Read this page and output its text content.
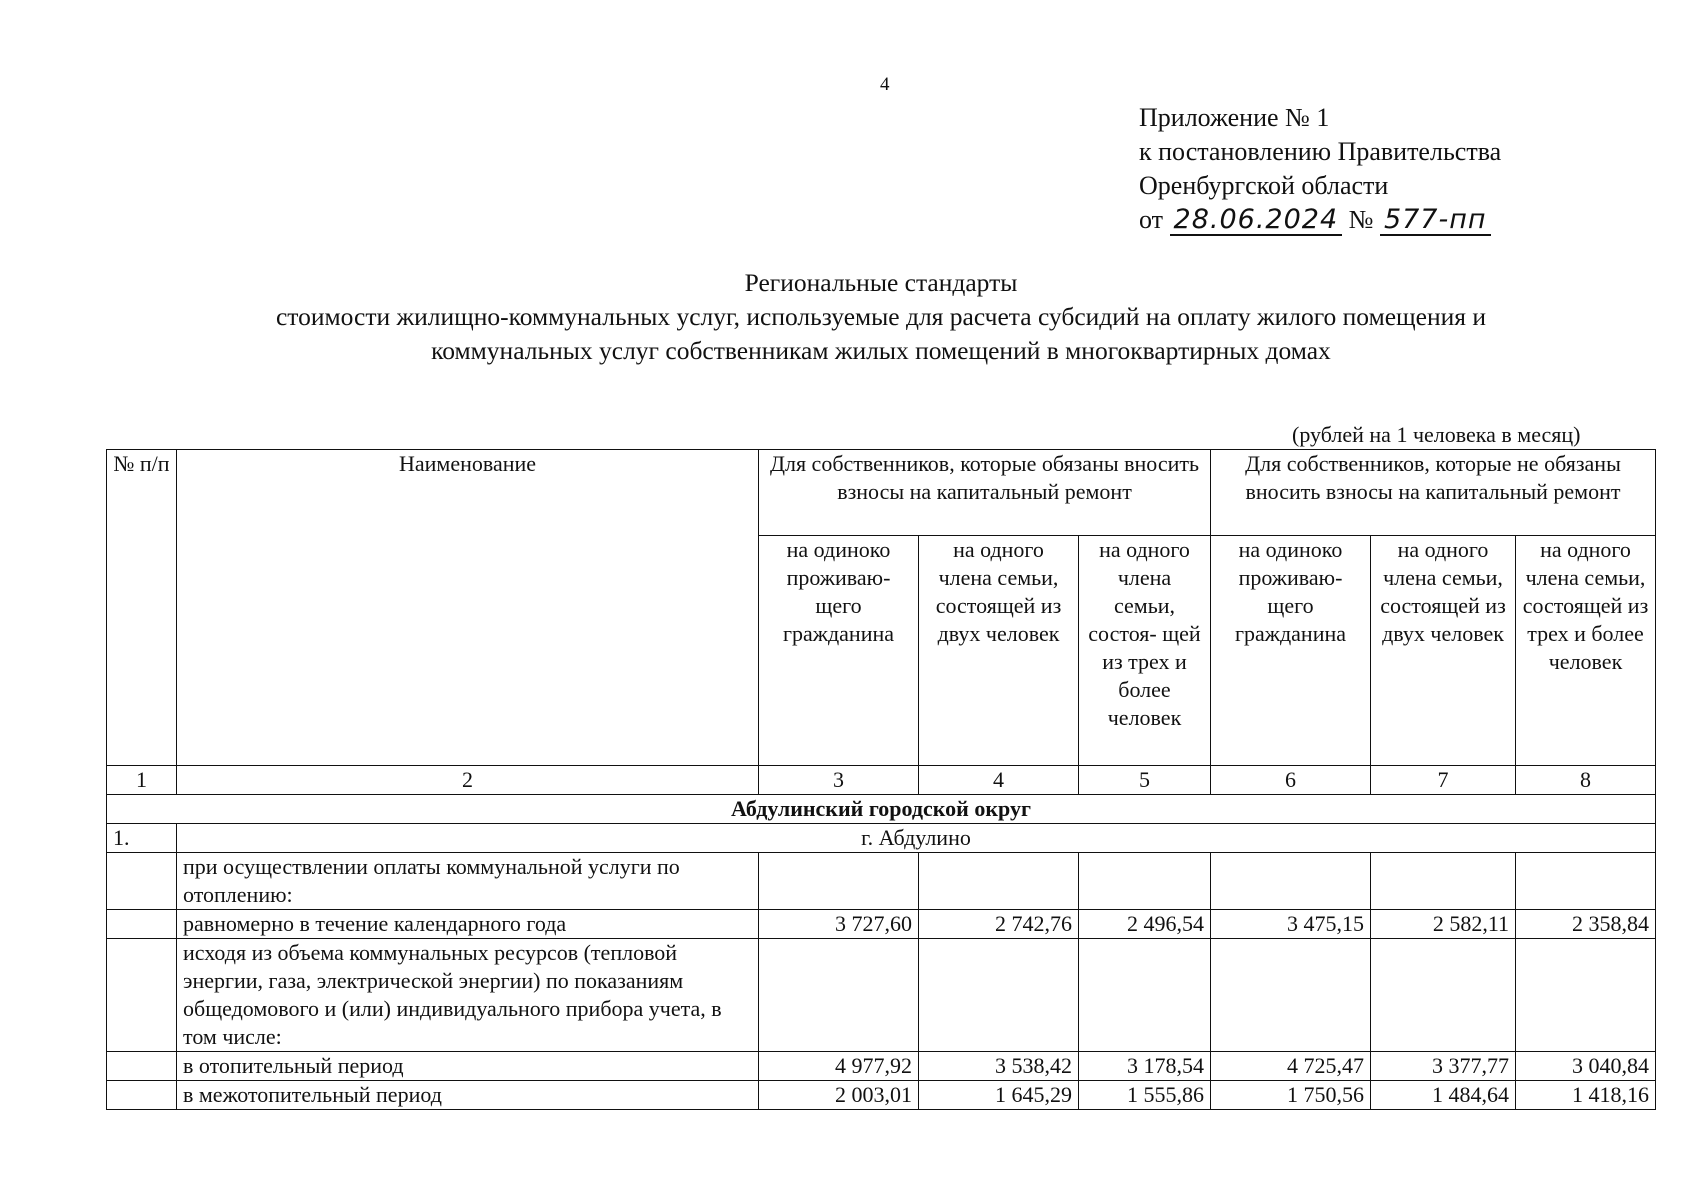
4
Приложение № 1
к постановлению Правительства
Оренбургской области
от 28.06.2024 № 577-пп
Региональные стандарты
стоимости жилищно-коммунальных услуг, используемые для расчета субсидий на оплату жилого помещения и
коммунальных услуг собственникам жилых помещений в многоквартирных домах
(рублей на 1 человека в месяц)
№ п/п	Наименование	Для собственников, которые обязаны вносить взносы на капитальный ремонт			Для собственников, которые не обязаны вносить взносы на капитальный ремонт		
		на одиноко проживаю- щего гражданина	на одного члена семьи, состоящей из двух человек	на одного члена семьи, состоя- щей из трех и более человек	на одиноко проживаю- щего гражданина	на одного члена семьи, состоящей из двух человек	на одного члена семьи, состоящей из трех и более человек
1	2	3	4	5	6	7	8
Абдулинский городской округ							
1.	г. Абдулино						
	при осуществлении оплаты коммунальной услуги по отоплению:						
	равномерно в течение календарного года	3 727,60	2 742,76	2 496,54	3 475,15	2 582,11	2 358,84
	исходя из объема коммунальных ресурсов (тепловой энергии, газа, электрической энергии) по показаниям общедомового и (или) индивидуального прибора учета, в том числе:						
	в отопительный период	4 977,92	3 538,42	3 178,54	4 725,47	3 377,77	3 040,84
	в межотопительный период	2 003,01	1 645,29	1 555,86	1 750,56	1 484,64	1 418,16
